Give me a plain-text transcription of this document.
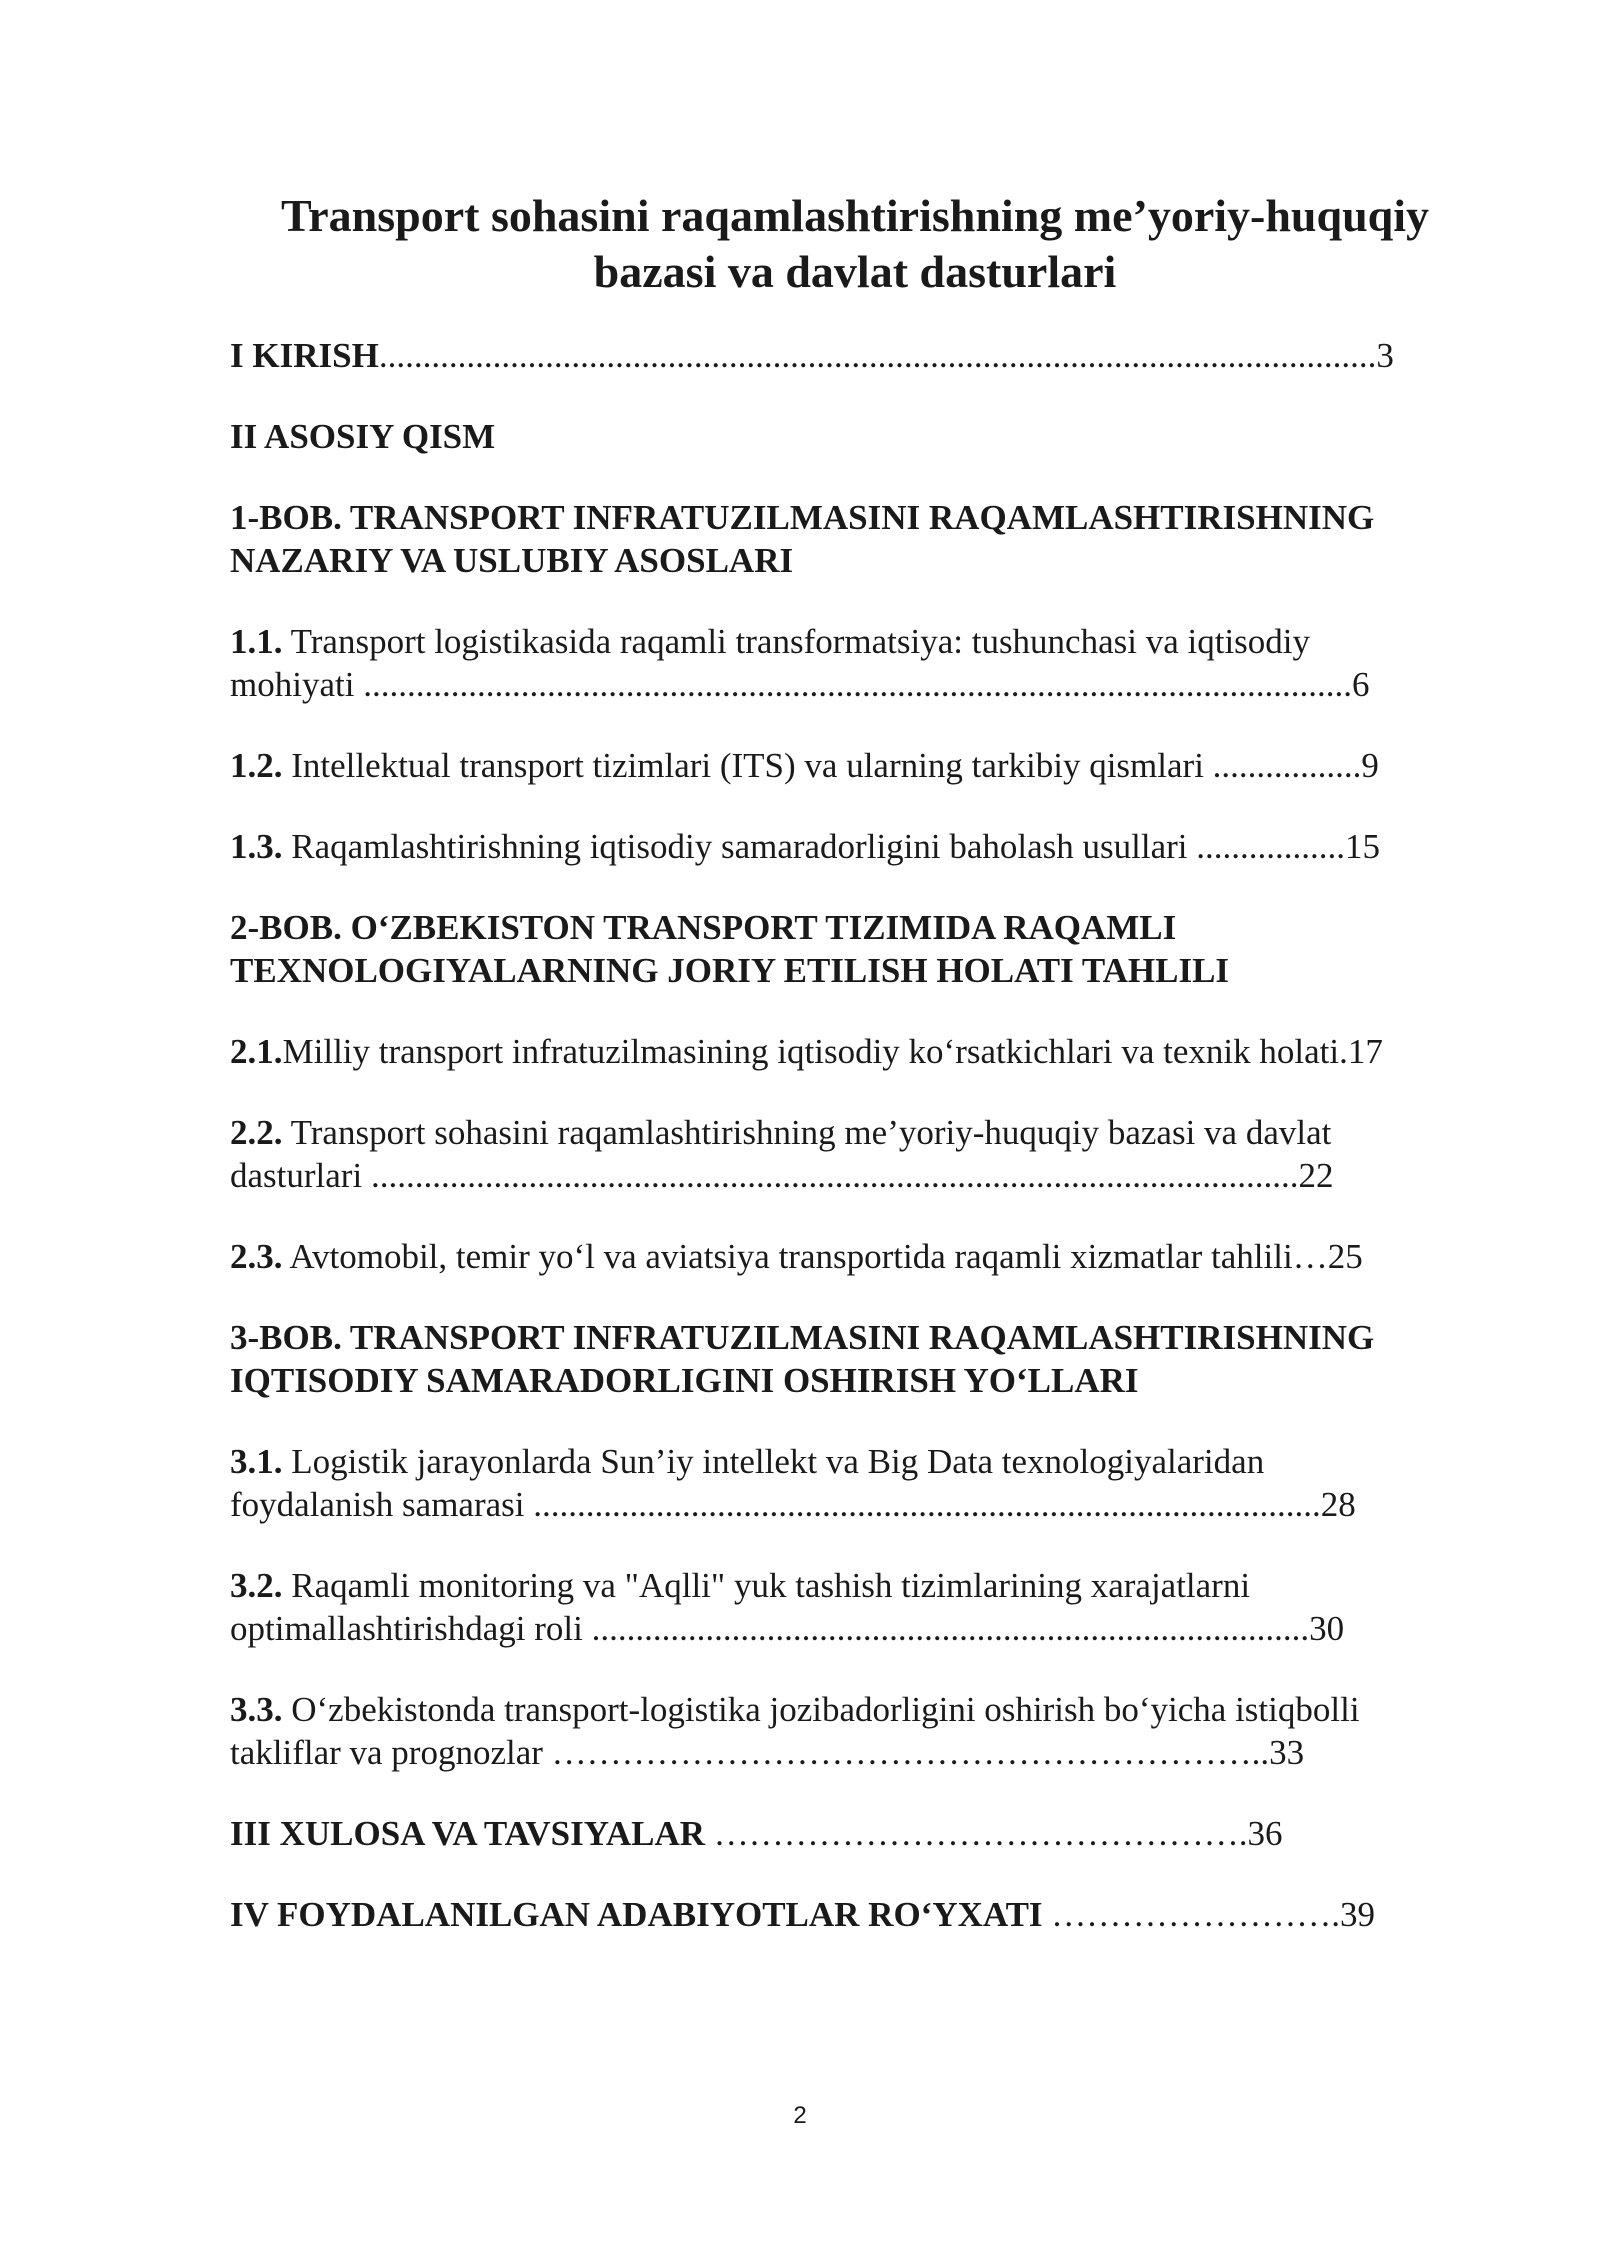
Transport sohasini raqamlashtirishning me’yoriy-huquqiy
bazasi va davlat dasturlari

I KIRISH..................................................................................................................3

II ASOSIY QISM

1-BOB. TRANSPORT INFRATUZILMASINI RAQAMLASHTIRISHNING
NAZARIY VA USLUBIY ASOSLARI

1.1. Transport logistikasida raqamli transformatsiya: tushunchasi va iqtisodiy
mohiyati .................................................................................................................6

1.2. Intellektual transport tizimlari (ITS) va ularning tarkibiy qismlari .................9

1.3. Raqamlashtirishning iqtisodiy samaradorligini baholash usullari .................15

2-BOB. O‘ZBEKISTON TRANSPORT TIZIMIDA RAQAMLI
TEXNOLOGIYALARNING JORIY ETILISH HOLATI TAHLILI

2.1.Milliy transport infratuzilmasining iqtisodiy ko‘rsatkichlari va texnik holati.17

2.2. Transport sohasini raqamlashtirishning me’yoriy-huquqiy bazasi va davlat
dasturlari ..........................................................................................................22

2.3. Avtomobil, temir yo‘l va aviatsiya transportida raqamli xizmatlar tahlili…25

3-BOB. TRANSPORT INFRATUZILMASINI RAQAMLASHTIRISHNING
IQTISODIY SAMARADORLIGINI OSHIRISH YO‘LLARI

3.1. Logistik jarayonlarda Sun’iy intellekt va Big Data texnologiyalaridan
foydalanish samarasi ..........................................................................................28

3.2. Raqamli monitoring va "Aqlli" yuk tashish tizimlarining xarajatlarni
optimallashtirishdagi roli ..................................................................................30

3.3. O‘zbekistonda transport-logistika jozibadorligini oshirish bo‘yicha istiqbolli
takliflar va prognozlar ……………………………………………………..33

III XULOSA VA TAVSIYALAR ……………………………………….36

IV FOYDALANILGAN ADABIYOTLAR RO‘YXATI …………………….39

2
